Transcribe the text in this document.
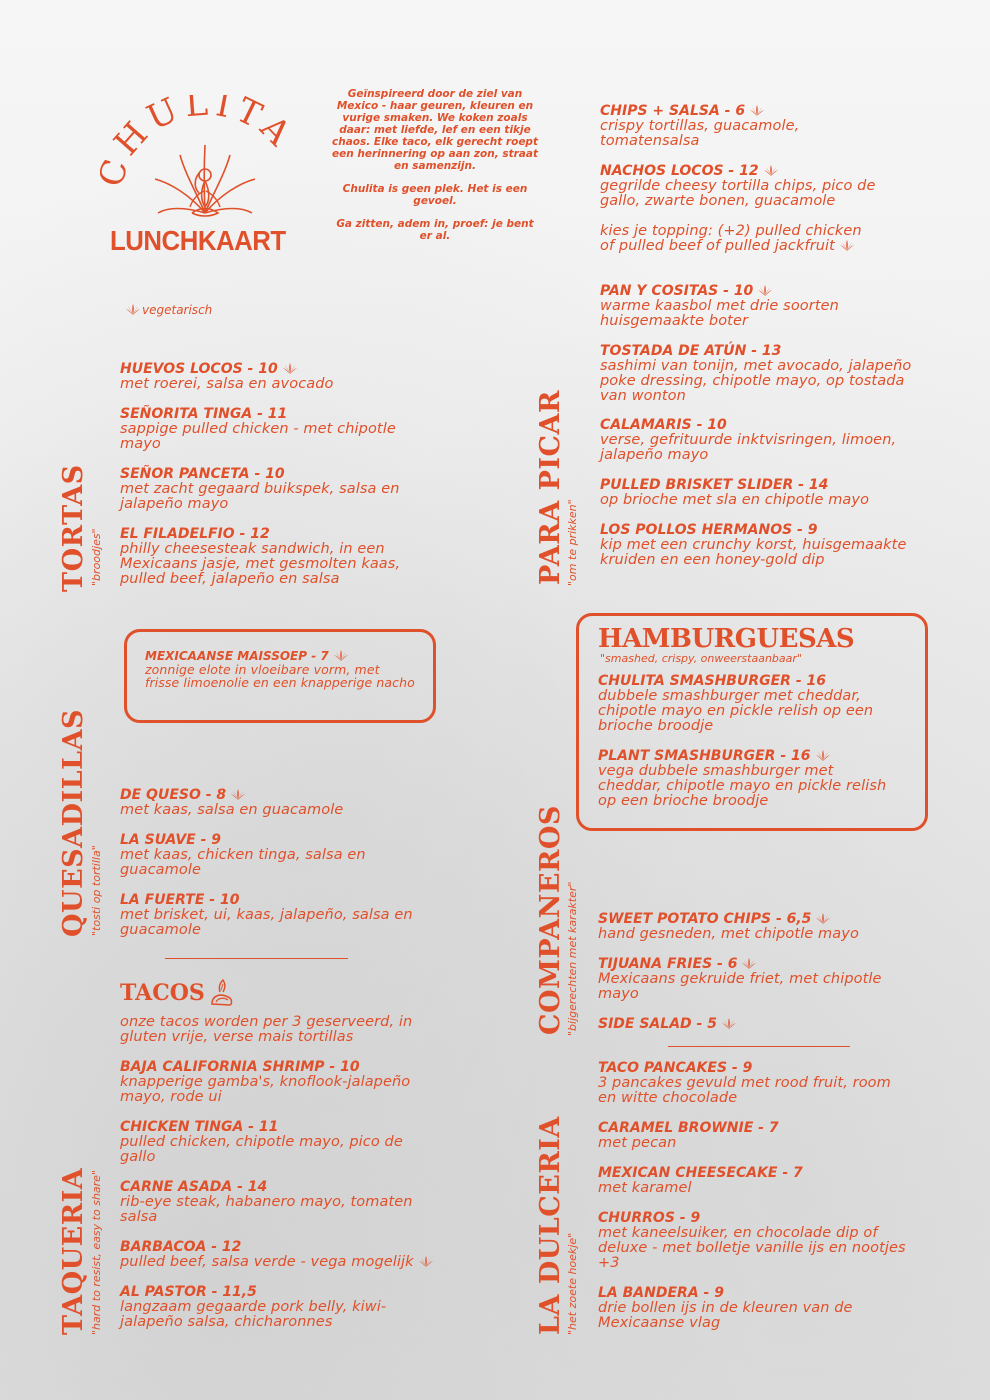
HULITA
LUNCHKAART

Geïnspireerd door de ziel van Mexico - haar geuren, kleuren en vurige smaken. We koken zoals daar: met liefde, lef en een tikje chaos. Elke taco, elk gerecht roept een herinnering op aan zon, straat en samenzijn.

Chulita is geen plek. Het is een gevoel.

Ga zitten, adem in, proef: je bent er al.

vegetarisch
TORTAS "broodjes"
QUESADILLAS "tosti op tortilla"
TAQUERIA "hard to resist, easy to share"
PARA PICAR "om te prikken"
COMPANEROS "bijgerechten met karakter"
LA DULCERIA "het zoete hoekje"
HUEVOS LOCOS - 10
met roerei, salsa en avocado
SEÑORITA TINGA - 11
sappige pulled chicken - met chipotle mayo
SEÑOR PANCETA - 10
met zacht gegaard buikspek, salsa en jalapeño mayo
EL FILADELFIO - 12
philly cheesesteak sandwich, in een Mexicaans jasje, met gesmolten kaas, pulled beef, jalapeño en salsa
MEXICAANSE MAISSOEP - 7
zonnige elote in vloeibare vorm, met frisse limoenolie en een knapperige nacho
DE QUESO - 8
met kaas, salsa en guacamole
LA SUAVE - 9
met kaas, chicken tinga, salsa en guacamole
LA FUERTE - 10
met brisket, ui, kaas, jalapeño, salsa en guacamole
TACOS
onze tacos worden per 3 geserveerd, in gluten vrije, verse mais tortillas
BAJA CALIFORNIA SHRIMP - 10
knapperige gamba's, knoflook-jalapeño mayo, rode ui
CHICKEN TINGA - 11
pulled chicken, chipotle mayo, pico de gallo
CARNE ASADA - 14
rib-eye steak, habanero mayo, tomaten salsa
BARBACOA - 12
pulled beef, salsa verde - vega mogelijk
AL PASTOR - 11,5
langzaam gegaarde pork belly, kiwi-jalapeño salsa, chicharonnes
CHIPS + SALSA - 6
crispy tortillas, guacamole, tomatensalsa
NACHOS LOCOS - 12
gegrilde cheesy tortilla chips, pico de gallo, zwarte bonen, guacamole
kies je topping: (+2) pulled chicken of pulled beef of pulled jackfruit
PAN Y COSITAS - 10
warme kaasbol met drie soorten huisgemaakte boter
TOSTADA DE ATÚN - 13
sashimi van tonijn, met avocado, jalapeño poke dressing, chipotle mayo, op tostada van wonton
CALAMARIS - 10
verse, gefrituurde inktvisringen, limoen, jalapeño mayo
PULLED BRISKET SLIDER - 14
op brioche met sla en chipotle mayo
LOS POLLOS HERMANOS - 9
kip met een crunchy korst, huisgemaakte kruiden en een honey-gold dip
HAMBURGUESAS
"smashed, crispy, onweerstaanbaar"
CHULITA SMASHBURGER - 16
dubbele smashburger met cheddar, chipotle mayo en pickle relish op een brioche broodje
PLANT SMASHBURGER - 16
vega dubbele smashburger met cheddar, chipotle mayo en pickle relish op een brioche broodje
SWEET POTATO CHIPS - 6,5
hand gesneden, met chipotle mayo
TIJUANA FRIES - 6
Mexicaans gekruide friet, met chipotle mayo
SIDE SALAD - 5
TACO PANCAKES - 9
3 pancakes gevuld met rood fruit, room en witte chocolade
CARAMEL BROWNIE - 7
met pecan
MEXICAN CHEESECAKE - 7
met karamel
CHURROS - 9
met kaneelsuiker, en chocolade dip of deluxe - met bolletje vanille ijs en nootjes +3
LA BANDERA - 9
drie bollen ijs in de kleuren van de Mexicaanse vlag
